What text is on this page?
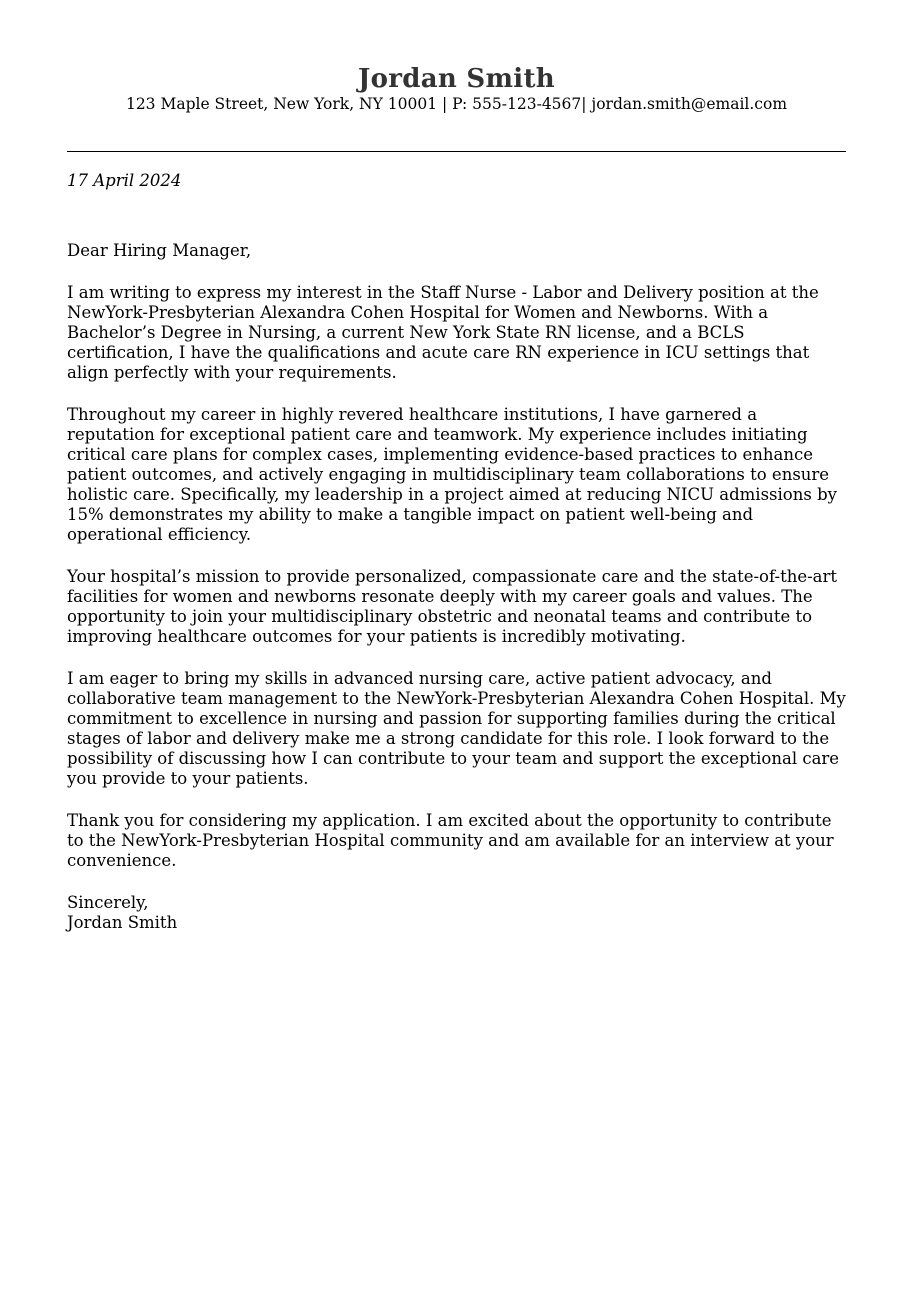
Jordan Smith
123 Maple Street, New York, NY 10001 | P: 555-123-4567| jordan.smith@email.com
17 April 2024

Dear Hiring Manager,

I am writing to express my interest in the Staff Nurse - Labor and Delivery position at the NewYork-Presbyterian Alexandra Cohen Hospital for Women and Newborns. With a Bachelor’s Degree in Nursing, a current New York State RN license, and a BCLS certification, I have the qualifications and acute care RN experience in ICU settings that align perfectly with your requirements.

Throughout my career in highly revered healthcare institutions, I have garnered a reputation for exceptional patient care and teamwork. My experience includes initiating critical care plans for complex cases, implementing evidence-based practices to enhance patient outcomes, and actively engaging in multidisciplinary team collaborations to ensure holistic care. Specifically, my leadership in a project aimed at reducing NICU admissions by 15% demonstrates my ability to make a tangible impact on patient well-being and operational efficiency.

Your hospital’s mission to provide personalized, compassionate care and the state-of-the-art facilities for women and newborns resonate deeply with my career goals and values. The opportunity to join your multidisciplinary obstetric and neonatal teams and contribute to improving healthcare outcomes for your patients is incredibly motivating.

I am eager to bring my skills in advanced nursing care, active patient advocacy, and collaborative team management to the NewYork-Presbyterian Alexandra Cohen Hospital. My commitment to excellence in nursing and passion for supporting families during the critical stages of labor and delivery make me a strong candidate for this role. I look forward to the possibility of discussing how I can contribute to your team and support the exceptional care you provide to your patients.

Thank you for considering my application. I am excited about the opportunity to contribute to the NewYork-Presbyterian Hospital community and am available for an interview at your convenience.

Sincerely,
Jordan Smith
